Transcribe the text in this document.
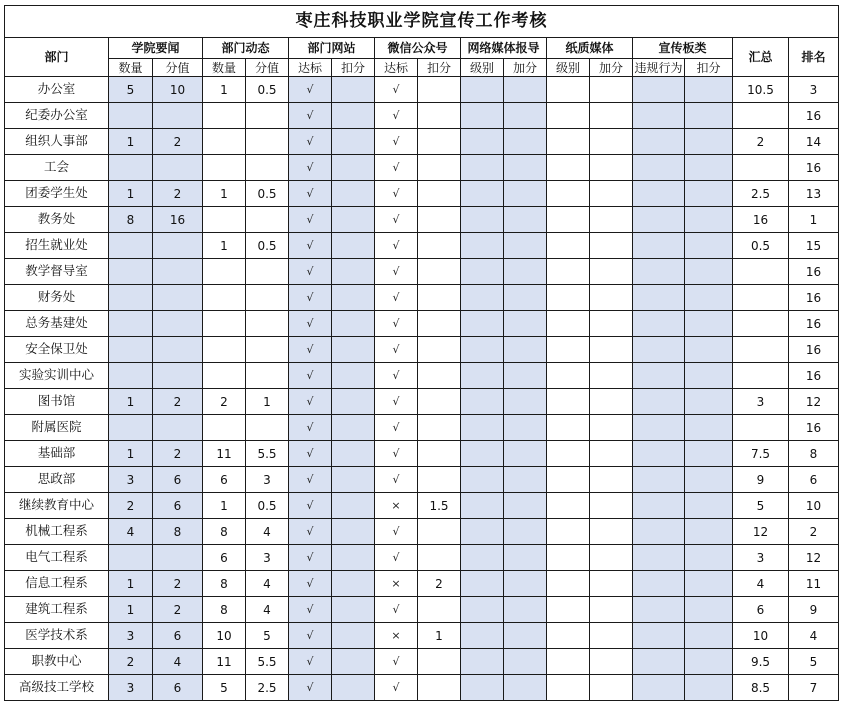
枣庄科技职业学院宣传工作考核																
部门	学院要闻		部门动态		部门网站		微信公众号		网络媒体报导		纸质媒体		宣传板类		汇总	排名
	数量	分值	数量	分值	达标	扣分	达标	扣分	级别	加分	级别	加分	违规行为	扣分		
办公室	5	10	1	0.5	√		√								10.5	3
纪委办公室					√		√									16
组织人事部	1	2			√		√								2	14
工会					√		√									16
团委学生处	1	2	1	0.5	√		√								2.5	13
教务处	8	16			√		√								16	1
招生就业处			1	0.5	√		√								0.5	15
教学督导室					√		√									16
财务处					√		√									16
总务基建处					√		√									16
安全保卫处					√		√									16
实验实训中心					√		√									16
图书馆	1	2	2	1	√		√								3	12
附属医院					√		√									16
基础部	1	2	11	5.5	√		√								7.5	8
思政部	3	6	6	3	√		√								9	6
继续教育中心	2	6	1	0.5	√		×	1.5							5	10
机械工程系	4	8	8	4	√		√								12	2
电气工程系			6	3	√		√								3	12
信息工程系	1	2	8	4	√		×	2							4	11
建筑工程系	1	2	8	4	√		√								6	9
医学技术系	3	6	10	5	√		×	1							10	4
职教中心	2	4	11	5.5	√		√								9.5	5
高级技工学校	3	6	5	2.5	√		√								8.5	7
